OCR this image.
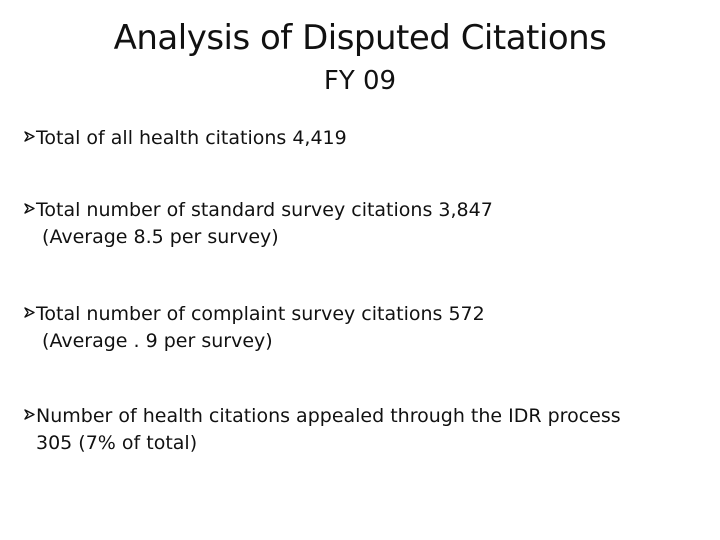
Analysis of Disputed Citations
FY 09
Total of all health citations 4,419
Total number of standard survey citations 3,847
(Average 8.5 per survey)
Total number of complaint survey citations 572
(Average . 9 per survey)
Number of health citations appealed through the IDR process
305 (7% of total)
